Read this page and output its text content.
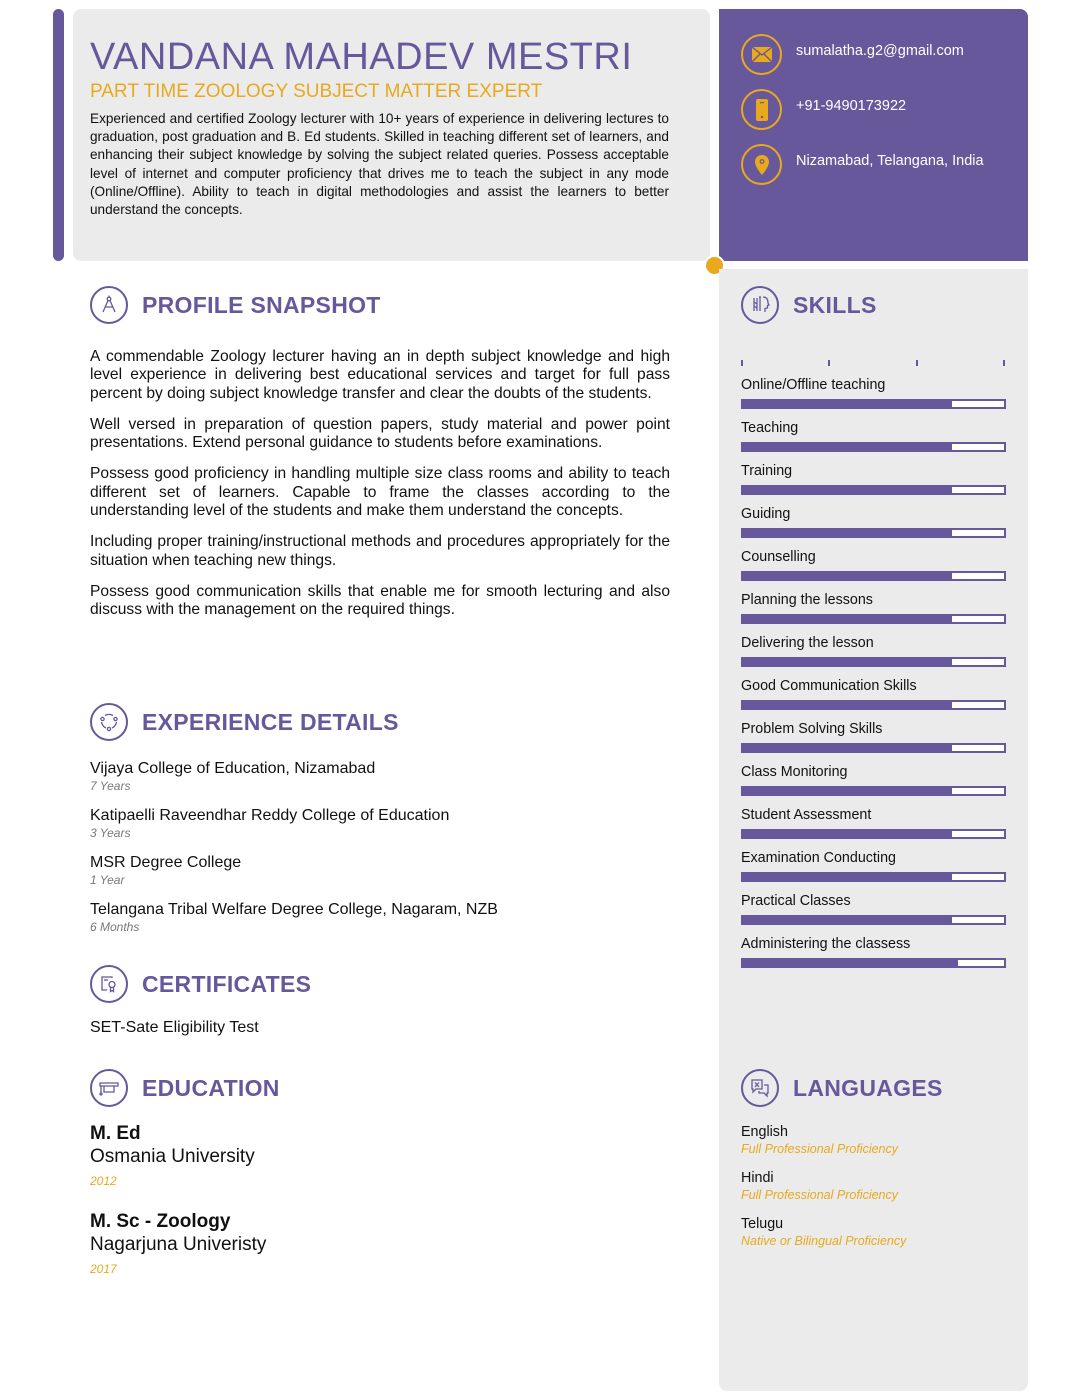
VANDANA MAHADEV MESTRI
PART TIME ZOOLOGY SUBJECT MATTER EXPERT
Experienced and certified Zoology lecturer with 10+ years of experience in delivering lectures to graduation, post graduation and B. Ed students. Skilled in teaching different set of learners, and enhancing their subject knowledge by solving the subject related queries. Possess acceptable level of internet and computer proficiency that drives me to teach the subject in any mode (Online/Offline). Ability to teach in digital methodologies and assist the learners to better understand the concepts.
sumalatha.g2@gmail.com
+91-9490173922
Nizamabad, Telangana, India
PROFILE SNAPSHOT

A commendable Zoology lecturer having an in depth subject knowledge and high level experience in delivering best educational services and target for full pass percent by doing subject knowledge transfer and clear the doubts of the students.

Well versed in preparation of question papers, study material and power point presentations. Extend personal guidance to students before examinations.

Possess good proficiency in handling multiple size class rooms and ability to teach different set of learners. Capable to frame the classes according to the understanding level of the students and make them understand the concepts.

Including proper training/instructional methods and procedures appropriately for the situation when teaching new things.

Possess good communication skills that enable me for smooth lecturing and also discuss with the management on the required things.

EXPERIENCE DETAILS
Vijaya College of Education, Nizamabad
7 Years
Katipaelli Raveendhar Reddy College of Education
3 Years
MSR Degree College
1 Year
Telangana Tribal Welfare Degree College, Nagaram, NZB
6 Months
CERTIFICATES
SET-Sate Eligibility Test
EDUCATION
M. Ed
Osmania University
2012
M. Sc - Zoology
Nagarjuna Univeristy
2017
SKILLS
Online/Offline teaching
Teaching
Training
Guiding
Counselling
Planning the lessons
Delivering the lesson
Good Communication Skills
Problem Solving Skills
Class Monitoring
Student Assessment
Examination Conducting
Practical Classes
Administering the classess
LANGUAGES
English
Full Professional Proficiency
Hindi
Full Professional Proficiency
Telugu
Native or Bilingual Proficiency
